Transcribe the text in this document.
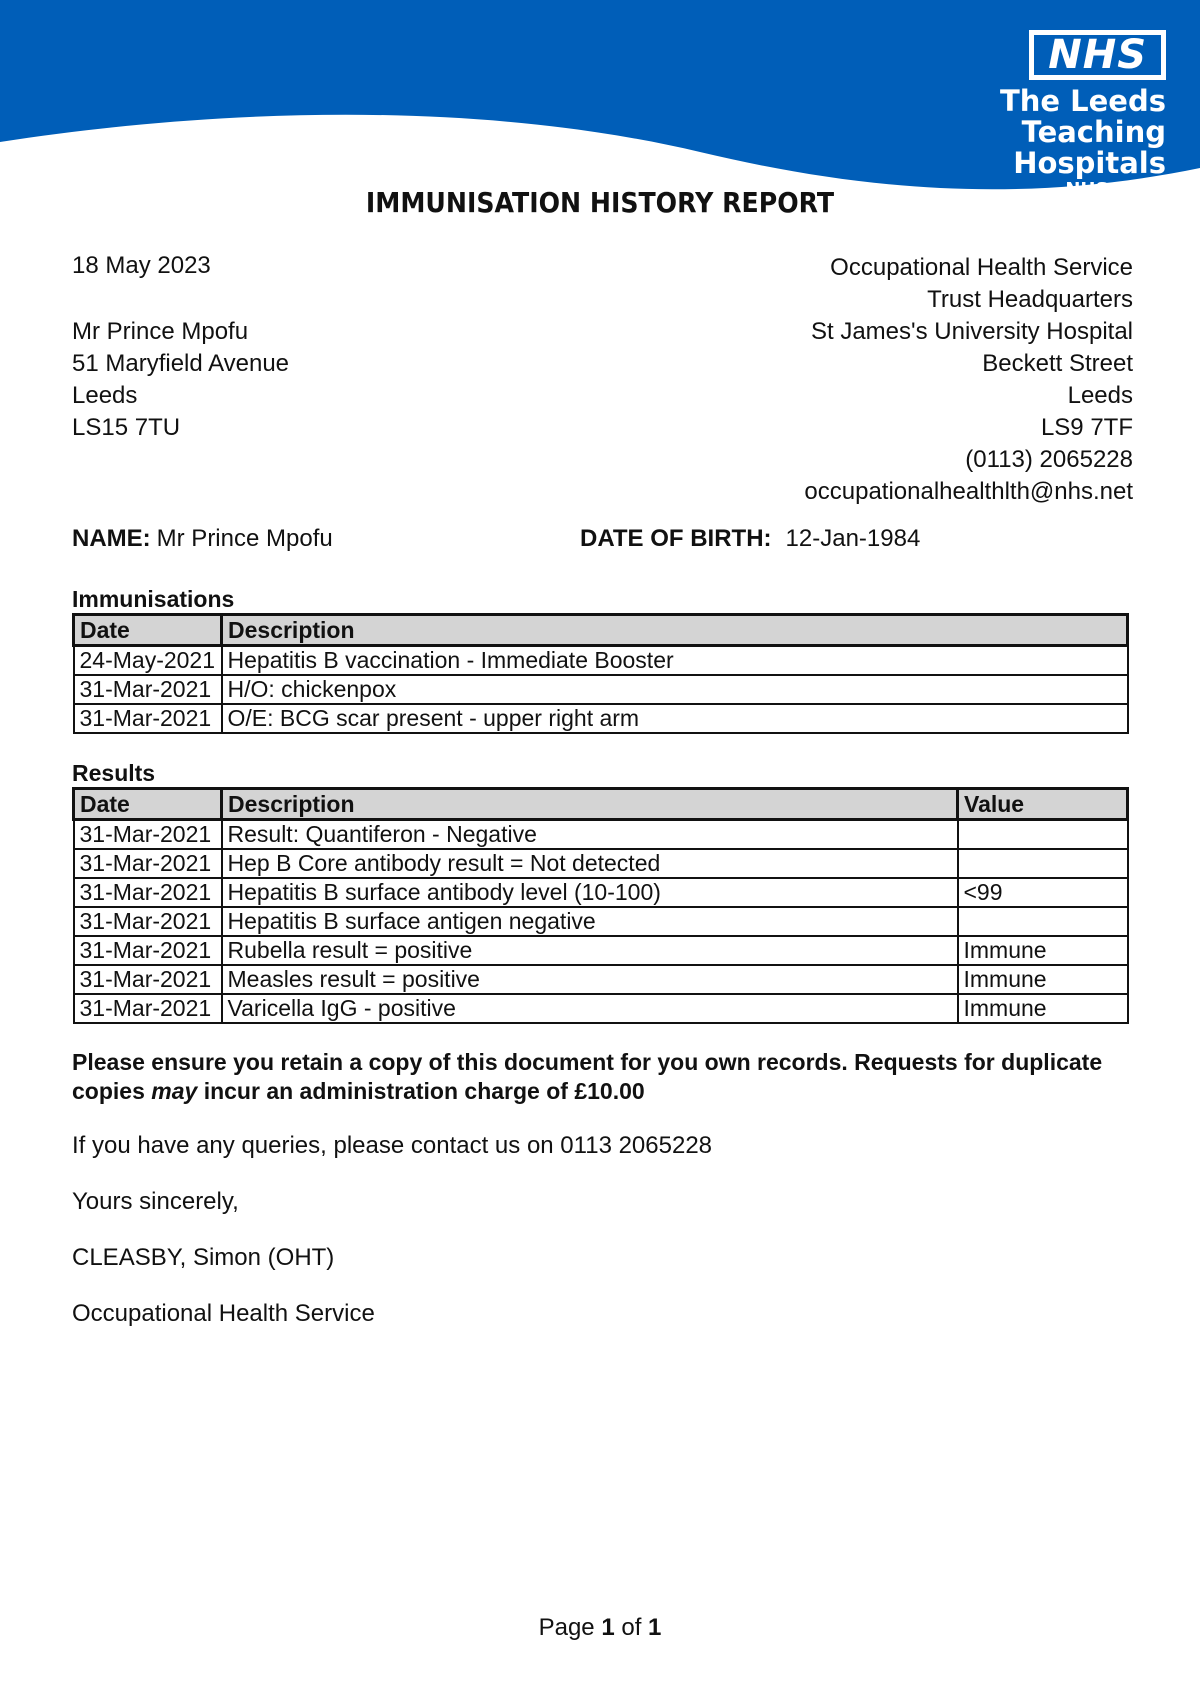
NHS
The Leeds
Teaching Hospitals
NHS Trust
IMMUNISATION HISTORY REPORT

18 May 2023

Mr Prince Mpofu
51 Maryfield Avenue
Leeds
LS15 7TU
Occupational Health Service
Trust Headquarters
St James's University Hospital
Beckett Street
Leeds
LS9 7TF
(0113) 2065228
occupationalhealthlth@nhs.net
NAME: Mr Prince Mpofu	DATE OF BIRTH: 12-Jan-1984
Immunisations
Date	Description
24-May-2021	Hepatitis B vaccination - Immediate Booster
31-Mar-2021	H/O: chickenpox
31-Mar-2021	O/E: BCG scar present - upper right arm
Results
Date	Description	Value
31-Mar-2021	Result: Quantiferon - Negative	
31-Mar-2021	Hep B Core antibody result = Not detected	
31-Mar-2021	Hepatitis B surface antibody level (10-100)	<99
31-Mar-2021	Hepatitis B surface antigen negative	
31-Mar-2021	Rubella result = positive	Immune
31-Mar-2021	Measles result = positive	Immune
31-Mar-2021	Varicella IgG - positive	Immune

Please ensure you retain a copy of this document for you own records. Requests for duplicate copies may incur an administration charge of £10.00

If you have any queries, please contact us on 0113 2065228

Yours sincerely,

CLEASBY, Simon (OHT)

Occupational Health Service

Page 1 of 1
